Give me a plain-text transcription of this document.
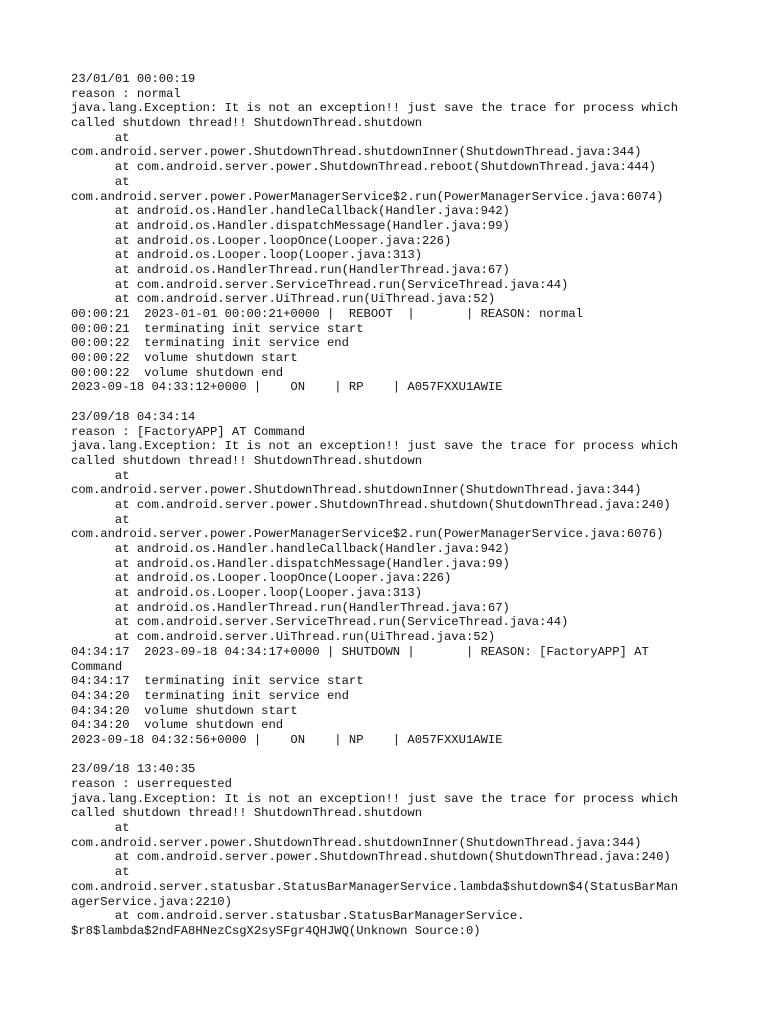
23/01/01 00:00:19
reason : normal
java.lang.Exception: It is not an exception!! just save the trace for process which
called shutdown thread!! ShutdownThread.shutdown
at
com.android.server.power.ShutdownThread.shutdownInner(ShutdownThread.java:344)
at com.android.server.power.ShutdownThread.reboot(ShutdownThread.java:444)
at
com.android.server.power.PowerManagerService$2.run(PowerManagerService.java:6074)
at android.os.Handler.handleCallback(Handler.java:942)
at android.os.Handler.dispatchMessage(Handler.java:99)
at android.os.Looper.loopOnce(Looper.java:226)
at android.os.Looper.loop(Looper.java:313)
at android.os.HandlerThread.run(HandlerThread.java:67)
at com.android.server.ServiceThread.run(ServiceThread.java:44)
at com.android.server.UiThread.run(UiThread.java:52)
00:00:21  2023-01-01 00:00:21+0000 |  REBOOT  |       | REASON: normal
00:00:21  terminating init service start
00:00:22  terminating init service end
00:00:22  volume shutdown start
00:00:22  volume shutdown end
2023-09-18 04:33:12+0000 |    ON    | RP    | A057FXXU1AWIE
23/09/18 04:34:14
reason : [FactoryAPP] AT Command
java.lang.Exception: It is not an exception!! just save the trace for process which
called shutdown thread!! ShutdownThread.shutdown
at
com.android.server.power.ShutdownThread.shutdownInner(ShutdownThread.java:344)
at com.android.server.power.ShutdownThread.shutdown(ShutdownThread.java:240)
at
com.android.server.power.PowerManagerService$2.run(PowerManagerService.java:6076)
at android.os.Handler.handleCallback(Handler.java:942)
at android.os.Handler.dispatchMessage(Handler.java:99)
at android.os.Looper.loopOnce(Looper.java:226)
at android.os.Looper.loop(Looper.java:313)
at android.os.HandlerThread.run(HandlerThread.java:67)
at com.android.server.ServiceThread.run(ServiceThread.java:44)
at com.android.server.UiThread.run(UiThread.java:52)
04:34:17  2023-09-18 04:34:17+0000 | SHUTDOWN |       | REASON: [FactoryAPP] AT
Command
04:34:17  terminating init service start
04:34:20  terminating init service end
04:34:20  volume shutdown start
04:34:20  volume shutdown end
2023-09-18 04:32:56+0000 |    ON    | NP    | A057FXXU1AWIE
23/09/18 13:40:35
reason : userrequested
java.lang.Exception: It is not an exception!! just save the trace for process which
called shutdown thread!! ShutdownThread.shutdown
at
com.android.server.power.ShutdownThread.shutdownInner(ShutdownThread.java:344)
at com.android.server.power.ShutdownThread.shutdown(ShutdownThread.java:240)
at
com.android.server.statusbar.StatusBarManagerService.lambda$shutdown$4(StatusBarMan
agerService.java:2210)
at com.android.server.statusbar.StatusBarManagerService.
$r8$lambda$2ndFA8HNezCsgX2sySFgr4QHJWQ(Unknown Source:0)
